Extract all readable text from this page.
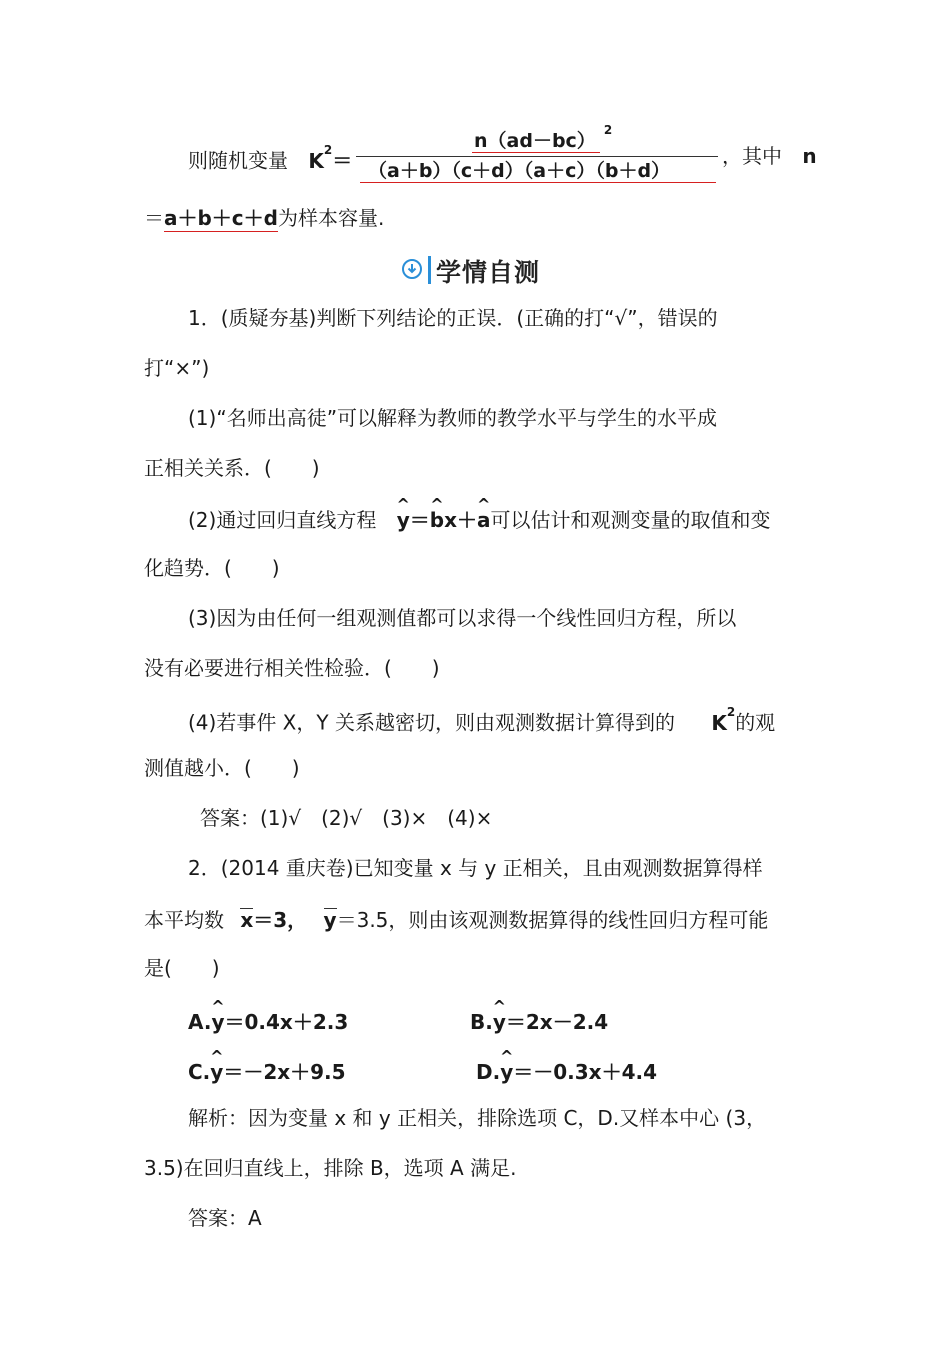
则随机变量 $K^2=$
$n(ad-bc)^2$
（a＋b）（c＋d）（a＋c）（b＋d）
，其中 n
＝a＋b＋c＋d为样本容量.
学情自测
1．(质疑夯基)判断下列结论的正误．(正确的打“√”，错误的
打“×”)
(1)“名师出高徒”可以解释为教师的教学水平与学生的水平成
正相关关系．(　　)
(2)通过回归直线方程 ^ y＝^ bx＋^ a可以估计和观测变量的取值和变
化趋势．(　　)
(3)因为由任何一组观测值都可以求得一个线性回归方程，所以
没有必要进行相关性检验．(　　)
(4)若事件 X，Y 关系越密切，则由观测数据计算得到的 $K^2$的观
测值越小．(　　)
答案：(1)√　(2)√　(3)×　(4)×
2．(2014 重庆卷)已知变量 x 与 y 正相关，且由观测数据算得样
本平均数 x＝3， y＝3.5，则由该观测数据算得的线性回归方程可能
是(　　)
A.^ y＝0.4x＋2.3	B.^ y＝2x－2.4
C.^ y＝－2x＋9.5	D.^ y＝－0.3x＋4.4
解析：因为变量 x 和 y 正相关，排除选项 C，D.又样本中心 (3，
3.5)在回归直线上，排除 B，选项 A 满足.
答案：A
